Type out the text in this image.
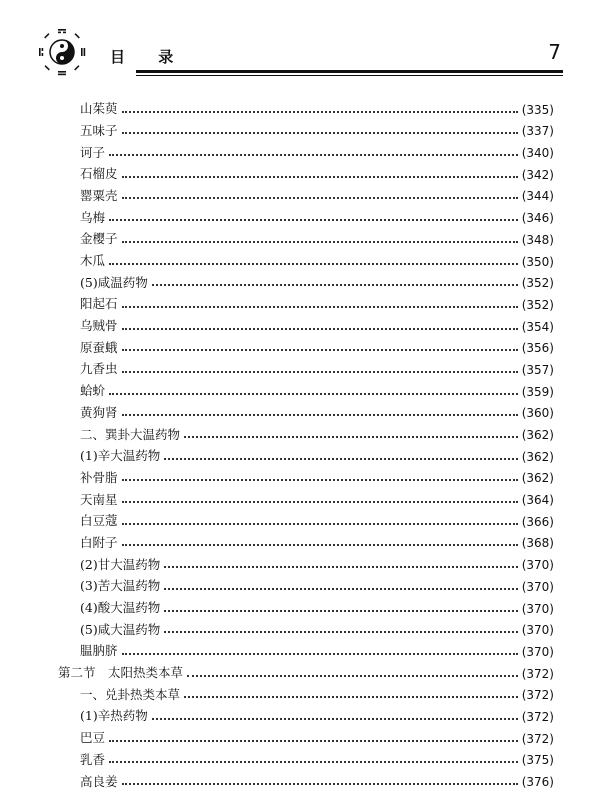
目 录	7
山茱萸	(335)
五味子	(337)
诃子	(340)
石榴皮	(342)
罂粟壳	(344)
乌梅	(346)
金樱子	(348)
木瓜	(350)
(5)咸温药物	(352)
阳起石	(352)
乌贼骨	(354)
原蚕蛾	(356)
九香虫	(357)
蛤蚧	(359)
黄狗肾	(360)
二、巽卦大温药物	(362)
(1)辛大温药物	(362)
补骨脂	(362)
天南星	(364)
白豆蔻	(366)
白附子	(368)
(2)甘大温药物	(370)
(3)苦大温药物	(370)
(4)酸大温药物	(370)
(5)咸大温药物	(370)
腽肭脐	(370)
第二节　太阳热类本草	(372)
一、兑卦热类本草	(372)
(1)辛热药物	(372)
巴豆	(372)
乳香	(375)
高良姜	(376)
